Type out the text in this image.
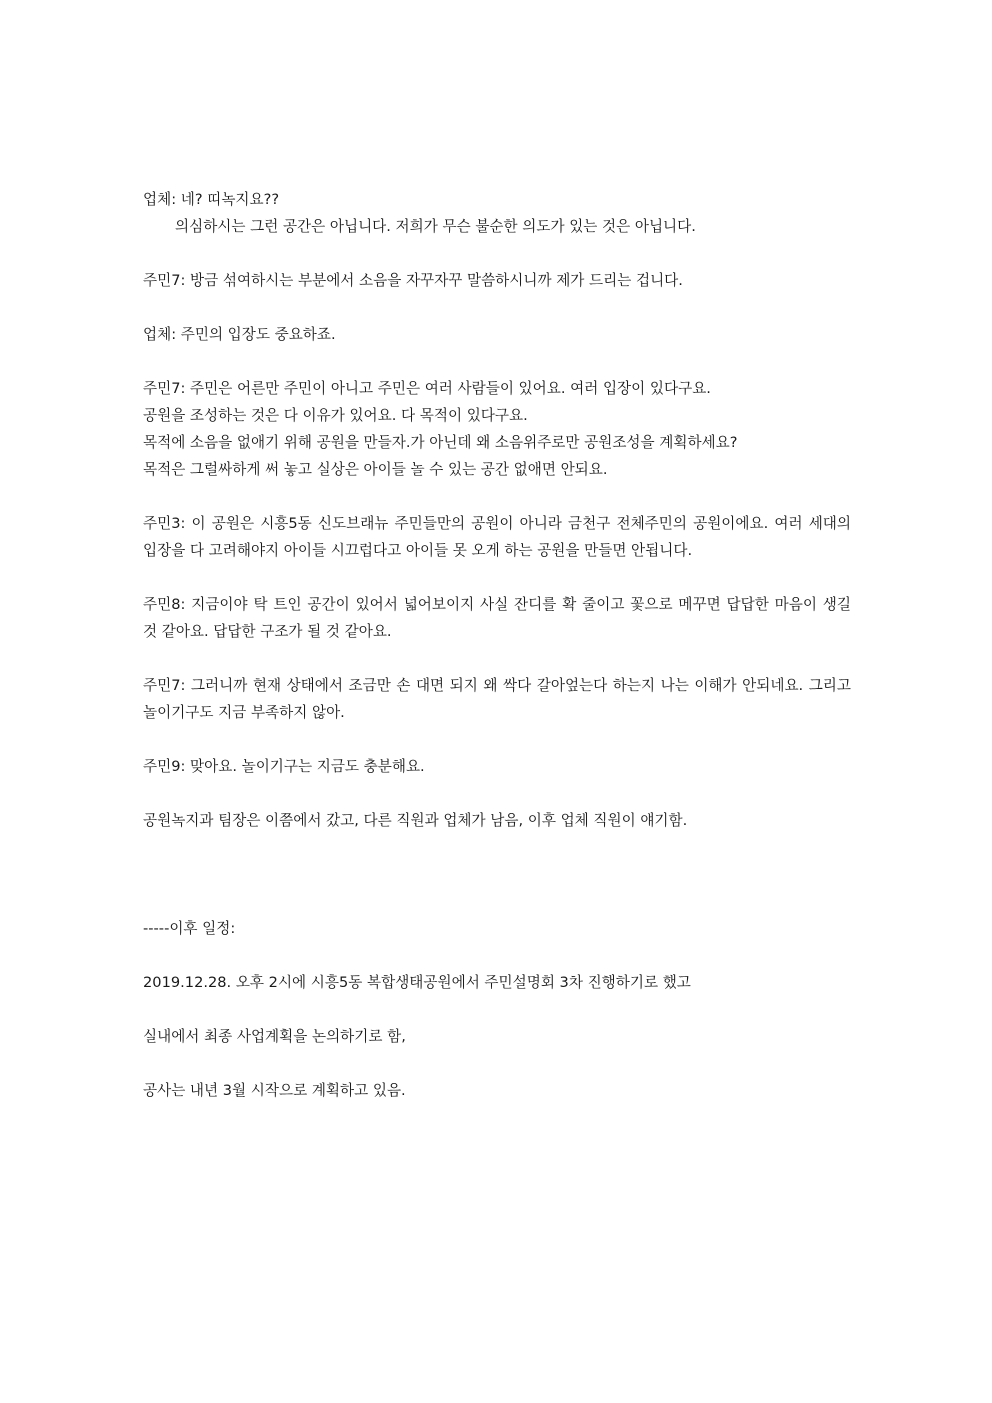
업체: 네? 띠녹지요??

의심하시는 그런 공간은 아닙니다. 저희가 무슨 불순한 의도가 있는 것은 아닙니다.

주민7: 방금 섞여하시는 부분에서 소음을 자꾸자꾸 말씀하시니까 제가 드리는 겁니다.

업체: 주민의 입장도 중요하죠.

주민7: 주민은 어른만 주민이 아니고 주민은 여러 사람들이 있어요. 여러 입장이 있다구요.

공원을 조성하는 것은 다 이유가 있어요. 다 목적이 있다구요.

목적에 소음을 없애기 위해 공원을 만들자.가 아닌데 왜 소음위주로만 공원조성을 계획하세요?

목적은 그럴싸하게 써 놓고 실상은 아이들 놀 수 있는 공간 없애면 안되요.

주민3: 이 공원은 시흥5동 신도브래뉴 주민들만의 공원이 아니라 금천구 전체주민의 공원이에요. 여러 세대의 입장을 다 고려해야지 아이들 시끄럽다고 아이들 못 오게 하는 공원을 만들면 안됩니다.

주민8: 지금이야 탁 트인 공간이 있어서 넓어보이지 사실 잔디를 확 줄이고 꽃으로 메꾸면 답답한 마음이 생길 것 같아요. 답답한 구조가 될 것 같아요.

주민7: 그러니까 현재 상태에서 조금만 손 대면 되지 왜 싹다 갈아엎는다 하는지 나는 이해가 안되네요. 그리고 놀이기구도 지금 부족하지 않아.

주민9: 맞아요. 놀이기구는 지금도 충분해요.

공원녹지과 팀장은 이쯤에서 갔고, 다른 직원과 업체가 남음, 이후 업체 직원이 얘기함.

-----이후 일정:

2019.12.28. 오후 2시에 시흥5동 복합생태공원에서 주민설명회 3차 진행하기로 했고

실내에서 최종 사업계획을 논의하기로 함,

공사는 내년 3월 시작으로 계획하고 있음.
